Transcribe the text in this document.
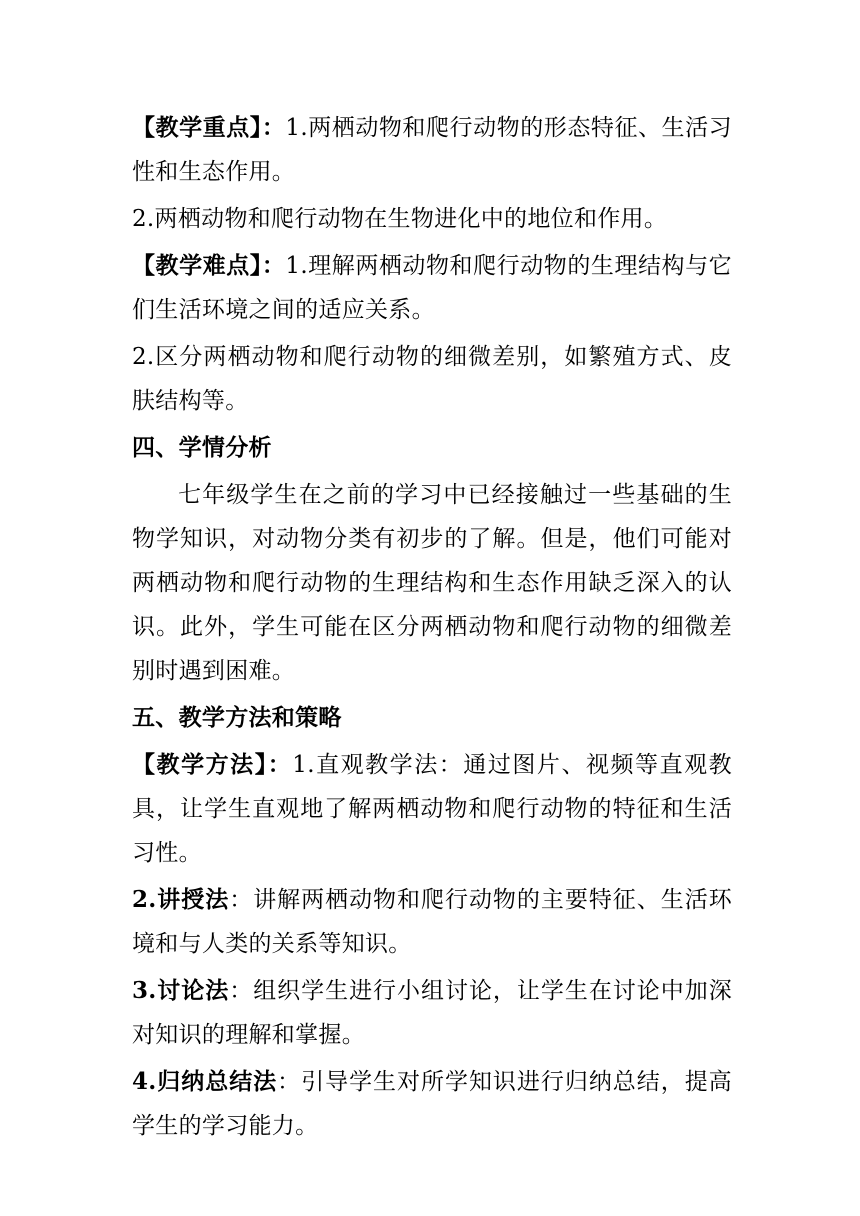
【教学重点】：1.两栖动物和爬行动物的形态特征、生活习性和生态作用。

2.两栖动物和爬行动物在生物进化中的地位和作用。

【教学难点】：1.理解两栖动物和爬行动物的生理结构与它们生活环境之间的适应关系。

2.区分两栖动物和爬行动物的细微差别，如繁殖方式、皮肤结构等。

四、学情分析

七年级学生在之前的学习中已经接触过一些基础的生物学知识，对动物分类有初步的了解。但是，他们可能对两栖动物和爬行动物的生理结构和生态作用缺乏深入的认识。此外，学生可能在区分两栖动物和爬行动物的细微差别时遇到困难。

五、教学方法和策略

【教学方法】：1.直观教学法：通过图片、视频等直观教具，让学生直观地了解两栖动物和爬行动物的特征和生活习性。

2.讲授法：讲解两栖动物和爬行动物的主要特征、生活环境和与人类的关系等知识。

3.讨论法：组织学生进行小组讨论，让学生在讨论中加深对知识的理解和掌握。

4.归纳总结法：引导学生对所学知识进行归纳总结，提高学生的学习能力。
